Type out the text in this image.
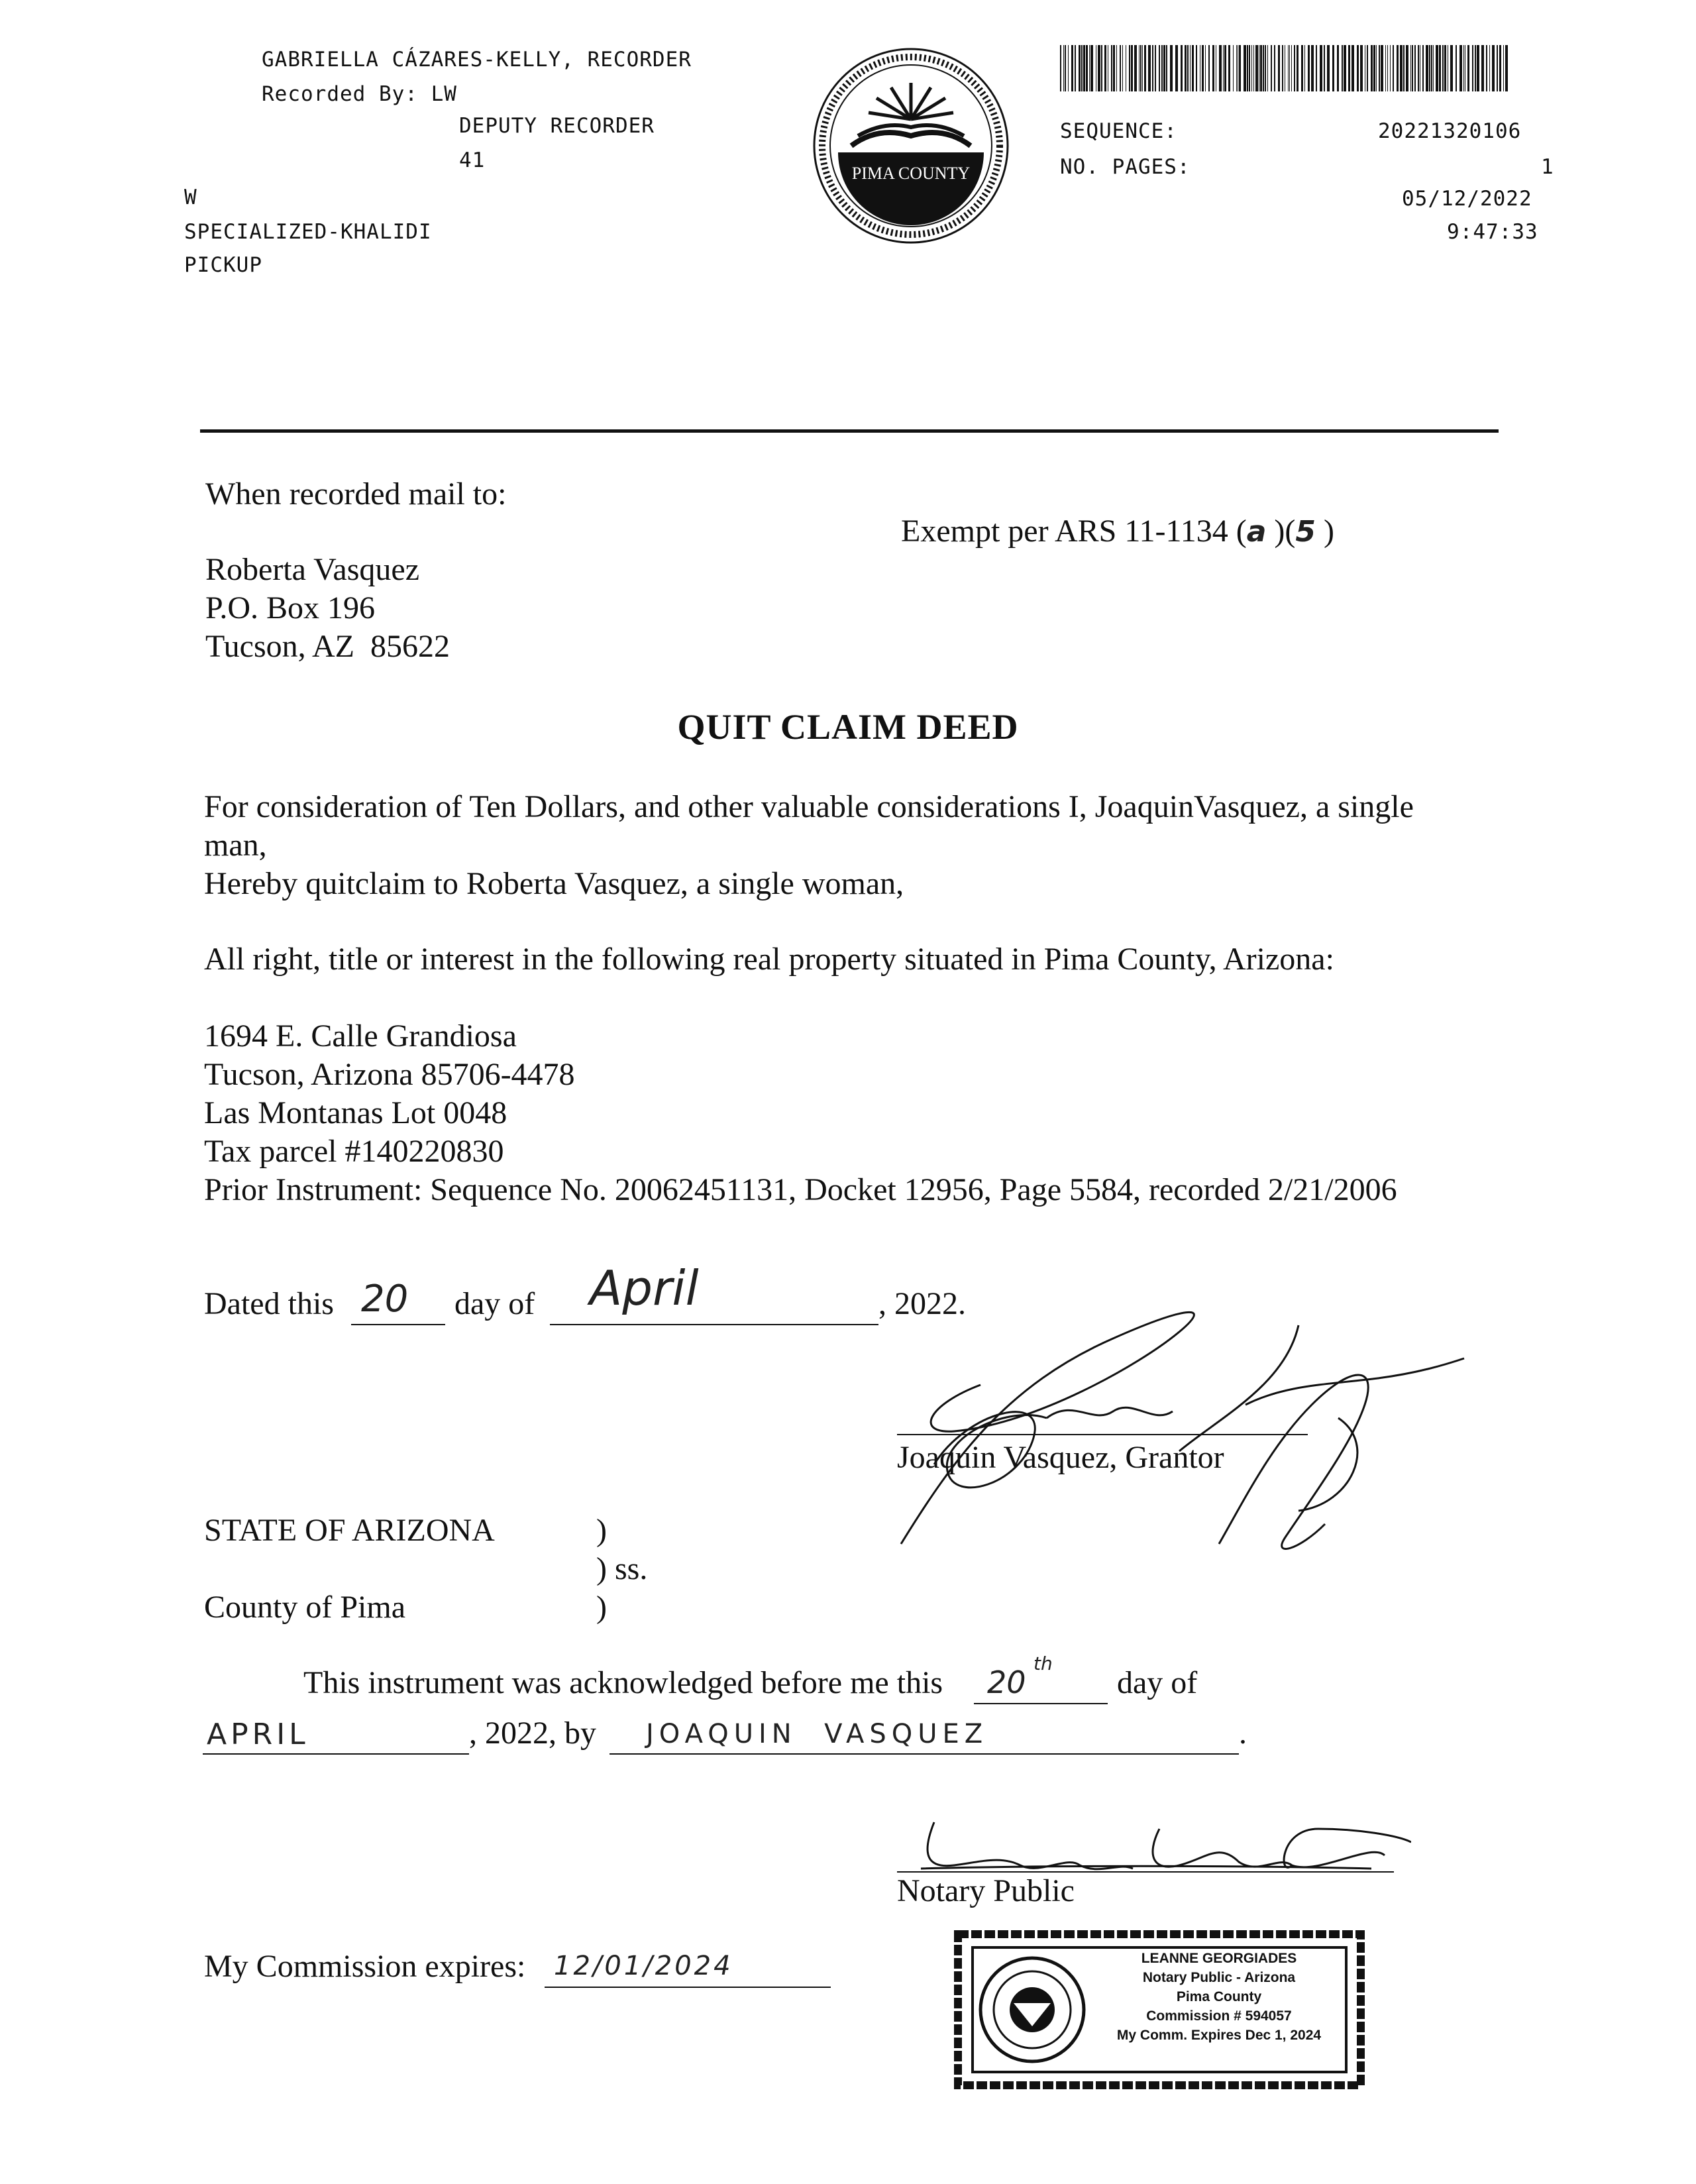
GABRIELLA CÁZARES-KELLY, RECORDER
Recorded By: LW
DEPUTY RECORDER
41
W
SPECIALIZED-KHALIDI
PICKUP
PIMA COUNTY
SEQUENCE:	20221320106
NO. PAGES:	1
05/12/2022
9:47:33
When recorded mail to:
Roberta Vasquez
P.O. Box 196
Tucson, AZ  85622
Exempt per ARS 11-1134 (a )(5 )
QUIT CLAIM DEED
For consideration of Ten Dollars, and other valuable considerations I, JoaquinVasquez, a single
man,
Hereby quitclaim to Roberta Vasquez, a single woman,
All right, title or interest in the following real property situated in Pima County, Arizona:
1694 E. Calle Grandiosa
Tucson, Arizona 85706-4478
Las Montanas Lot 0048
Tax parcel #140220830
Prior Instrument: Sequence No. 20062451131, Docket 12956, Page 5584, recorded 2/21/2006
Dated this 20 day of April	, 2022.
Joaquin Vasquez, Grantor
STATE OF ARIZONA	)
) ss.
County of Pima	)
This instrument was acknowledged before me this 20
th
day of
APRIL	, 2022, by JOAQUIN  VASQUEZ	.
Notary Public
My Commission expires: 12/01/2024	LEANNE GEORGIADES
Notary Public - Arizona
Pima County
Commission # 594057
My Comm. Expires Dec 1, 2024
